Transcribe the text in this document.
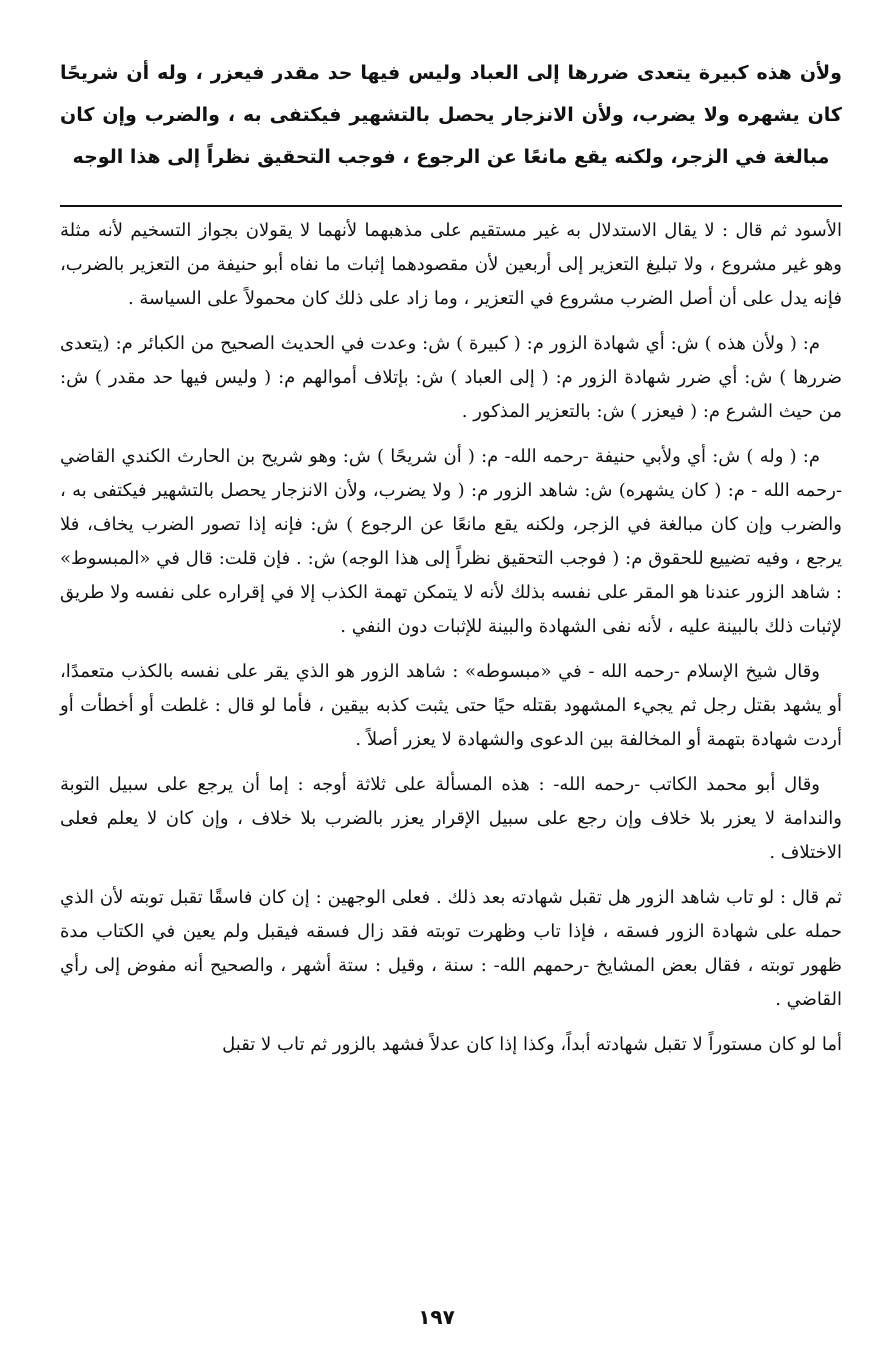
ولأن هذه كبيرة يتعدى ضررها إلى العباد وليس فيها حد مقدر فيعزر ، وله أن شريحًا كان يشهره ولا يضرب، ولأن الانزجار يحصل بالتشهير فيكتفى به ، والضرب وإن كان مبالغة في الزجر، ولكنه يقع مانعًا عن الرجوع ، فوجب التحقيق نظراً إلى هذا الوجه

الأسود ثم قال : لا يقال الاستدلال به غير مستقيم على مذهبهما لأنهما لا يقولان بجواز التسخيم لأنه مثلة وهو غير مشروع ، ولا تبليغ التعزير إلى أربعين لأن مقصودهما إثبات ما نفاه أبو حنيفة من التعزير بالضرب، فإنه يدل على أن أصل الضرب مشروع في التعزير ، وما زاد على ذلك كان محمولاً على السياسة .

م: ( ولأن هذه ) ش: أي شهادة الزور م: ( كبيرة ) ش: وعدت في الحديث الصحيح من الكبائر م: (يتعدى ضررها ) ش: أي ضرر شهادة الزور م: ( إلى العباد ) ش: بإتلاف أموالهم م: ( وليس فيها حد مقدر ) ش: من حيث الشرع م: ( فيعزر ) ش: بالتعزير المذكور .

م: ( وله ) ش: أي ولأبي حنيفة -رحمه الله- م: ( أن شريحًا ) ش: وهو شريح بن الحارث الكندي القاضي -رحمه الله - م: ( كان يشهره) ش: شاهد الزور م: ( ولا يضرب، ولأن الانزجار يحصل بالتشهير فيكتفى به ، والضرب وإن كان مبالغة في الزجر، ولكنه يقع مانعًا عن الرجوع ) ش: فإنه إذا تصور الضرب يخاف، فلا يرجع ، وفيه تضييع للحقوق م: ( فوجب التحقيق نظراً إلى هذا الوجه) ش: . فإن قلت: قال في «المبسوط» : شاهد الزور عندنا هو المقر على نفسه بذلك لأنه لا يتمكن تهمة الكذب إلا في إقراره على نفسه ولا طريق لإثبات ذلك بالبينة عليه ، لأنه نفى الشهادة والبينة للإثبات دون النفي .

وقال شيخ الإسلام -رحمه الله - في «مبسوطه» : شاهد الزور هو الذي يقر على نفسه بالكذب متعمدًا، أو يشهد بقتل رجل ثم يجيء المشهود بقتله حيًا حتى يثبت كذبه بيقين ، فأما لو قال : غلطت أو أخطأت أو أردت شهادة بتهمة أو المخالفة بين الدعوى والشهادة لا يعزر أصلاً .

وقال أبو محمد الكاتب -رحمه الله- : هذه المسألة على ثلاثة أوجه : إما أن يرجع على سبيل التوبة والندامة لا يعزر بلا خلاف وإن رجع على سبيل الإقرار يعزر بالضرب بلا خلاف ، وإن كان لا يعلم فعلى الاختلاف .

ثم قال : لو تاب شاهد الزور هل تقبل شهادته بعد ذلك . فعلى الوجهين : إن كان فاسقًا تقبل توبته لأن الذي حمله على شهادة الزور فسقه ، فإذا تاب وظهرت توبته فقد زال فسقه فيقبل ولم يعين في الكتاب مدة ظهور توبته ، فقال بعض المشايخ -رحمهم الله- : سنة ، وقيل : ستة أشهر ، والصحيح أنه مفوض إلى رأي القاضي .

أما لو كان مستوراً لا تقبل شهادته أبداً، وكذا إذا كان عدلاً فشهد بالزور ثم تاب لا تقبل

١٩٧
